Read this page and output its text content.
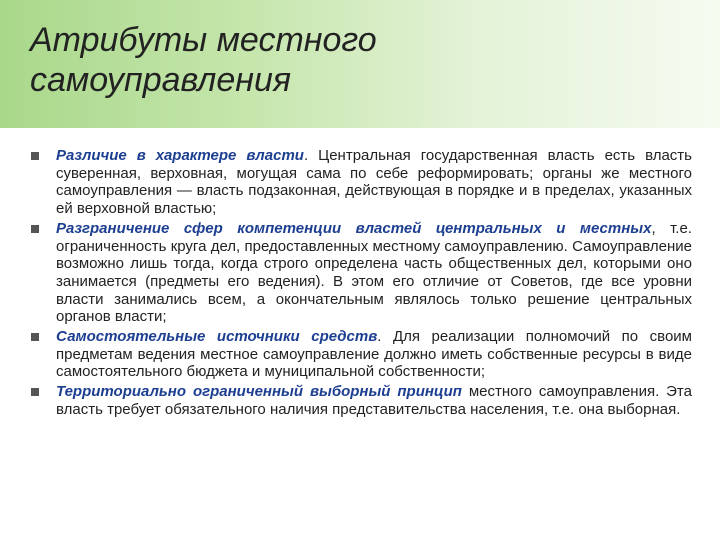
Атрибуты местного
самоуправления
Различие в характере власти. Центральная государственная власть есть власть суверенная, верховная, могущая сама по себе реформировать; органы же местного самоуправления — власть подзаконная, действующая в порядке и в пределах, указанных ей верховной властью;
Разграничение сфер компетенции властей центральных и местных, т.е. ограниченность круга дел, предоставленных местному самоуправлению. Самоуправление возможно лишь тогда, когда строго определена часть общественных дел, которыми оно занимается (предметы его ведения). В этом его отличие от Советов, где все уровни власти занимались всем, а окончательным являлось только решение центральных органов власти;
Самостоятельные источники средств. Для реализации полномочий по своим предметам ведения местное самоуправление должно иметь собственные ресурсы в виде самостоятельного бюджета и муниципальной собственности;
Территориально ограниченный выборный принцип местного самоуправления. Эта власть требует обязательного наличия представительства населения, т.е. она выборная.
